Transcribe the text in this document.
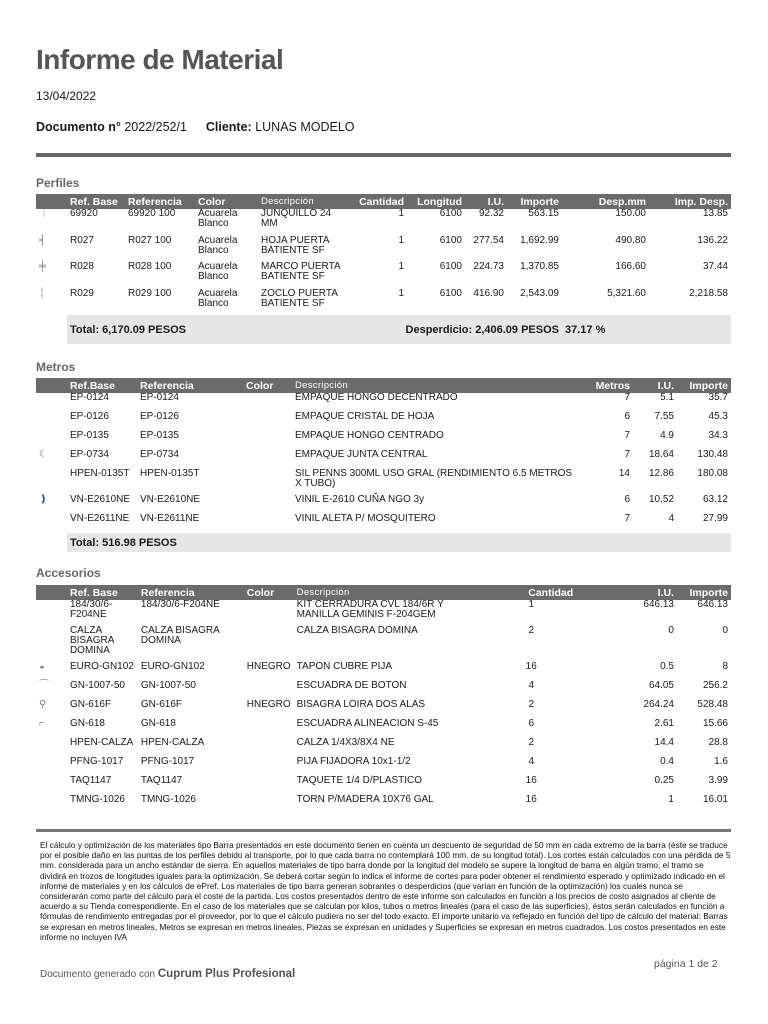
Informe de Material
13/04/2022
Documento n° 2022/252/1 Cliente: LUNAS MODELO
Perfiles
	Ref. Base	Referencia	Color	Descripción	Cantidad	Longitud	I.U.	Importe	Desp.mm	Imp. Desp.
⏋	69920	69920 100	Acuarela Blanco	JUNQUILLO 24 MM	1	6100	92.32	563.15	150.00	13.85
╡	R027	R027 100	Acuarela Blanco	HOJA PUERTA BATIENTE SF	1	6100	277.54	1,692.99	490.80	136.22
╪	R028	R028 100	Acuarela Blanco	MARCO PUERTA BATIENTE SF	1	6100	224.73	1,370.85	166.60	37.44
╎	R029	R029 100	Acuarela Blanco	ZOCLO PUERTA BATIENTE SF	1	6100	416.90	2,543.09	5,321.60	2,218.58
	Total: 6,170.09 PESOS				Desperdicio: 2,406.09 PESOS				37.17 %	
Metros
	Ref.Base	Referencia	Color	Descripción	Metros	I.U.	Importe
	EP-0124	EP-0124		EMPAQUE HONGO DECENTRADO	7	5.1	35.7
	EP-0126	EP-0126		EMPAQUE CRISTAL DE HOJA	6	7.55	45.3
	EP-0135	EP-0135		EMPAQUE HONGO CENTRADO	7	4.9	34.3
☾	EP-0734	EP-0734		EMPAQUE JUNTA CENTRAL	7	18.64	130.48
	HPEN-0135T	HPEN-0135T		SIL PENNS 300ML USO GRAL (RENDIMIENTO 6.5 METROS X TUBO)	14	12.86	180.08
❫	VN-E2610NE	VN-E2610NE		VINIL E-2610 CUÑA NGO 3y	6	10.52	63.12
	VN-E2611NE	VN-E2611NE		VINIL ALETA P/ MOSQUITERO	7	4	27.99
	Total: 516.98 PESOS						
Accesorios
	Ref. Base	Referencia	Color	Descripción	Cantidad	I.U.	Importe
	184/30/6-F204NE	184/30/6-F204NE		KIT CERRADURA CVL 184/6R Y MANILLA GEMINIS F-204GEM	1	646.13	646.13
	CALZA BISAGRA DOMINA	CALZA BISAGRA DOMINA		CALZA BISAGRA DOMINA	2	0	0
◒	EURO-GN102	EURO-GN102	HNEGRO	TAPON CUBRE PIJA	16	0.5	8
⌒	GN-1007-50	GN-1007-50		ESCUADRA DE BOTON	4	64.05	256.2
⚲	GN-616F	GN-616F	HNEGRO	BISAGRA LOIRA DOS ALAS	2	264.24	528.48
⌐	GN-618	GN-618		ESCUADRA ALINEACION S-45	6	2.61	15.66
	HPEN-CALZA	HPEN-CALZA		CALZA 1/4X3/8X4 NE	2	14.4	28.8
	PFNG-1017	PFNG-1017		PIJA FIJADORA 10x1-1/2	4	0.4	1.6
	TAQ1147	TAQ1147		TAQUETE 1/4 D/PLASTICO	16	0.25	3.99
	TMNG-1026	TMNG-1026		TORN P/MADERA 10X76 GAL	16	1	16.01
El cálculo y optimización de los materiales tipo Barra presentados en este documento tienen en cuenta un descuento de seguridad de 50 mm en cada extremo de la barra (éste se traduce por el posible daño en las puntas de los perfiles debido al transporte, por lo que cada barra no contemplará 100 mm. de su longitud total). Los cortes están calculados con una pérdida de 5 mm. considerada para un ancho estándar de sierra. En aquellos materiales de tipo barra donde por la longitud del modelo se supere la longitud de barra en algún tramo, el tramo se dividirá en trozos de longitudes iguales para la optimización. Se deberá cortar según lo indica el informe de cortes para poder obtener el rendimiento esperado y optimizado indicado en el informe de materiales y en los cálculos de ePref. Los materiales de tipo barra generan sobrantes o desperdicios (que varían en función de la optimización) los cuales nunca se considerarán como parte del cálculo para el coste de la partida. Los costos presentados dentro de este informe son calculados en función a los precios de costo asignados al cliente de acuerdo a su Tienda correspondiente. En el caso de los materiales que se calculan por kilos, tubos o metros lineales (para el caso de las superficies), éstos serán calculados en función a fórmulas de rendimiento entregadas por el proveedor, por lo que el cálculo pudiera no ser del todo exacto. El importe unitario va reflejado en función del tipo de cálculo del material: Barras se expresan en metros lineales, Metros se expresan en metros lineales, Piezas se expresan en unidades y Superficies se expresan en metros cuadrados. Los costos presentados en este informe no incluyen IVA
Documento generado con Cuprum Plus Profesional
página 1 de 2
